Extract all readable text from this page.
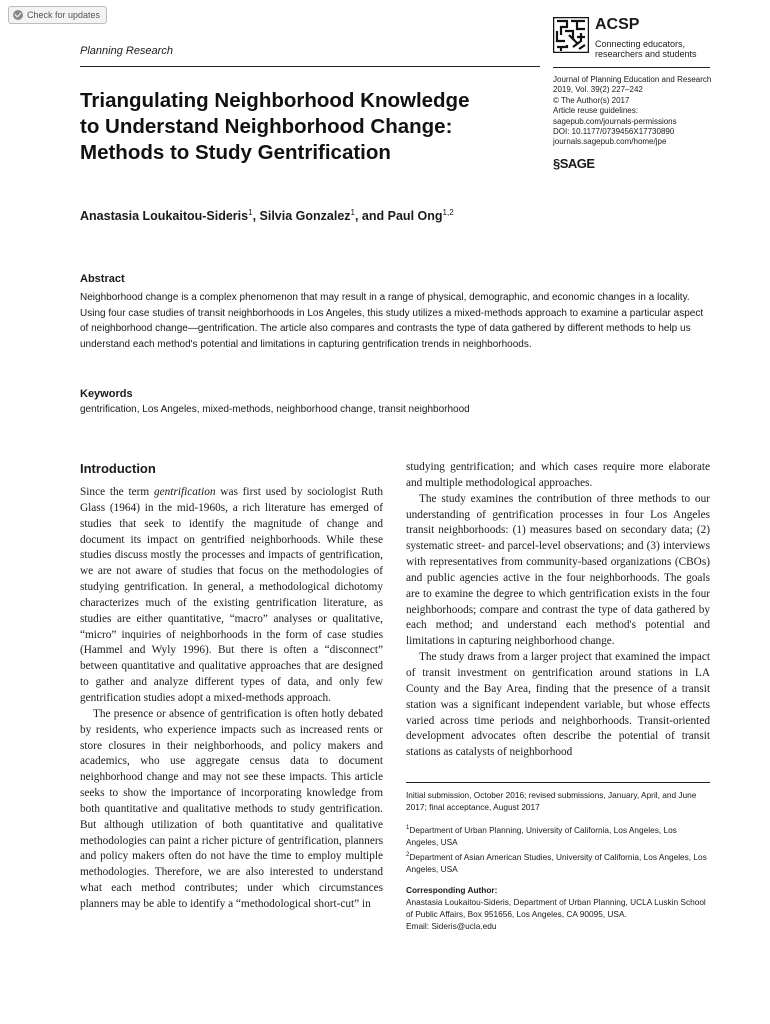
Check for updates
Planning Research
ACSP
Connecting educators, researchers and students
Journal of Planning Education and Research
2019, Vol. 39(2) 227–242
© The Author(s) 2017
Article reuse guidelines:
sagepub.com/journals-permissions
DOI: 10.1177/0739456X17730890
journals.sagepub.com/home/jpe
§SAGE
Triangulating Neighborhood Knowledge
to Understand Neighborhood Change:
Methods to Study Gentrification
Anastasia Loukaitou-Sideris$^1$, Silvia Gonzalez$^1$, and Paul Ong$^{1,2}$
Abstract
Neighborhood change is a complex phenomenon that may result in a range of physical, demographic, and economic changes in a locality. Using four case studies of transit neighborhoods in Los Angeles, this study utilizes a mixed-methods approach to examine a particular aspect of neighborhood change—gentrification. The article also compares and contrasts the type of data gathered by different methods to help us understand each method's potential and limitations in capturing gentrification trends in neighborhoods.
Keywords
gentrification, Los Angeles, mixed-methods, neighborhood change, transit neighborhood
Introduction

Since the term gentrification was first used by sociologist Ruth Glass (1964) in the mid-1960s, a rich literature has emerged of studies that seek to identify the magnitude of change and document its impact on gentrified neighborhoods. While these studies discuss mostly the processes and impacts of gentrification, we are not aware of studies that focus on the methodologies of studying gentrification. In general, a methodological dichotomy characterizes much of the existing gentrification literature, as studies are either quantitative, “macro” analyses or qualitative, “micro” inquiries of neighborhoods in the form of case studies (Hammel and Wyly 1996). But there is often a “disconnect” between quantitative and qualitative approaches that are designed to gather and analyze different types of data, and only few gentrification studies adopt a mixed-methods approach.

The presence or absence of gentrification is often hotly debated by residents, who experience impacts such as increased rents or store closures in their neighborhoods, and policy makers and academics, who use aggregate census data to document neighborhood change and may not see these impacts. This article seeks to show the importance of incorporating knowledge from both quantitative and qualitative methods to study gentrification. But although utilization of both quantitative and qualitative methodologies can paint a richer picture of gentrification, planners and policy makers often do not have the time to employ multiple methodologies. Therefore, we are also interested to understand what each method contributes; under which circumstances planners may be able to identify a “methodological short-cut” in

studying gentrification; and which cases require more elaborate and multiple methodological approaches.

The study examines the contribution of three methods to our understanding of gentrification processes in four Los Angeles transit neighborhoods: (1) measures based on secondary data; (2) systematic street- and parcel-level observations; and (3) interviews with representatives from community-based organizations (CBOs) and public agencies active in the four neighborhoods. The goals are to examine the degree to which gentrification exists in the four neighborhoods; compare and contrast the type of data gathered by each method; and understand each method's potential and limitations in capturing neighborhood change.

The study draws from a larger project that examined the impact of transit investment on gentrification around stations in LA County and the Bay Area, finding that the presence of a transit station was a significant independent variable, but whose effects varied across time periods and neighborhoods. Transit-oriented development advocates often describe the potential of transit stations as catalysts of neighborhood

Initial submission, October 2016; revised submissions, January, April, and June 2017; final acceptance, August 2017
$^1$Department of Urban Planning, University of California, Los Angeles, Los Angeles, USA
$^2$Department of Asian American Studies, University of California, Los Angeles, Los Angeles, USA
Corresponding Author:
Anastasia Loukaitou-Sideris, Department of Urban Planning, UCLA Luskin School of Public Affairs, Box 951656, Los Angeles, CA 90095, USA.
Email: Sideris@ucla.edu
